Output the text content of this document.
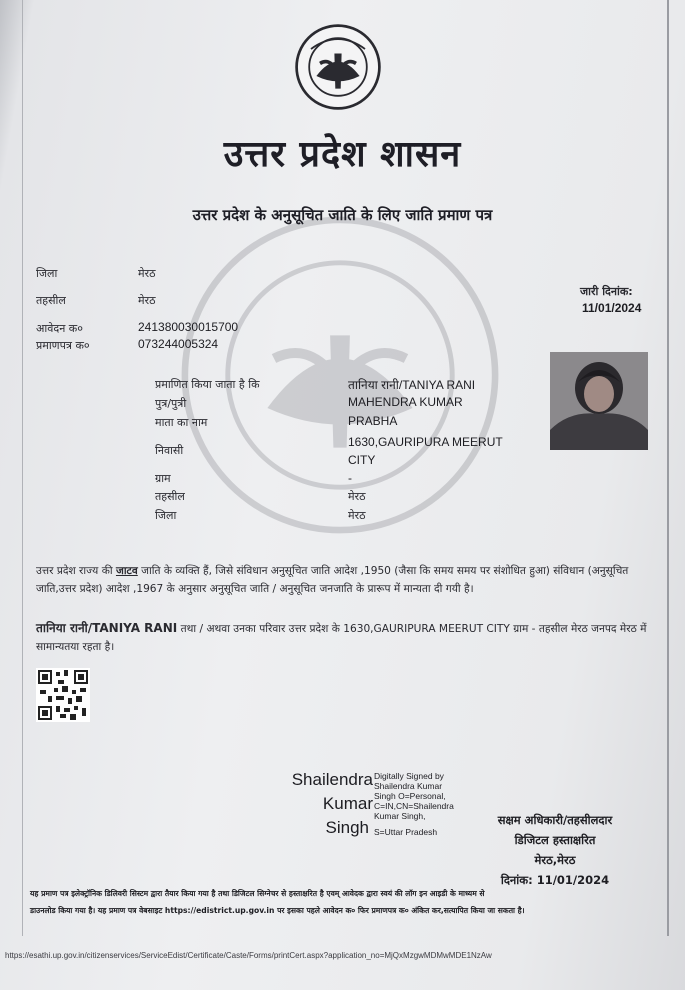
उत्तर प्रदेश शासन
उत्तर प्रदेश के अनुसूचित जाति के लिए जाति प्रमाण पत्र
जिला	मेरठ
तहसील	मेरठ
आवेदन क०	241380030015700
प्रमाणपत्र क०	073244005324
जारी दिनांक:
11/01/2024
प्रमाणित किया जाता है कि	तानिया रानी/TANIYA RANI
पुत्र/पुत्री	MAHENDRA KUMAR
माता का नाम	PRABHA
निवासी
1630,GAURIPURA MEERUT CITY
ग्राम	-
तहसील	मेरठ
जिला	मेरठ
उत्तर प्रदेश राज्य की जाटव जाति के व्यक्ति हैं, जिसे संविधान अनुसूचित जाति आदेश ,1950 (जैसा कि समय समय पर संशोधित हुआ) संविधान (अनुसूचित जाति,उत्तर प्रदेश) आदेश ,1967 के अनुसार अनुसूचित जाति / अनुसूचित जनजाति के प्रारूप में मान्यता दी गयी है।
तानिया रानी/TANIYA RANI तथा / अथवा उनका परिवार उत्तर प्रदेश के 1630,GAURIPURA MEERUT CITY ग्राम - तहसील मेरठ जनपद मेरठ में सामान्यतया रहता है।
Shailendra
Kumar
Singh
Digitally Signed by
Shailendra Kumar
Singh O=Personal,
C=IN,CN=Shailendra
Kumar Singh,
S=Uttar Pradesh
सक्षम अधिकारी/तहसीलदार
डिजिटल हस्ताक्षरित
मेरठ,मेरठ
दिनांक: 11/01/2024
यह प्रमाण पत्र इलेक्ट्रॉनिक डिलिवरी सिस्टम द्वारा तैयार किया गया है तथा डिजिटल सिग्नेचर से हस्ताक्षरित है एवम् आवेदक द्वारा स्वयं की लॉग इन आइडी के माध्यम से
डाउनलोड किया गया है। यह प्रमाण पत्र वेबसाइट https://edistrict.up.gov.in पर इसका पहले आवेदन क० फिर प्रमाणपत्र क० अंकित कर,सत्यापित किया जा सकता है।
https://esathi.up.gov.in/citizenservices/ServiceEdist/Certificate/Caste/Forms/printCert.aspx?application_no=MjQxMzgwMDMwMDE1NzAw
